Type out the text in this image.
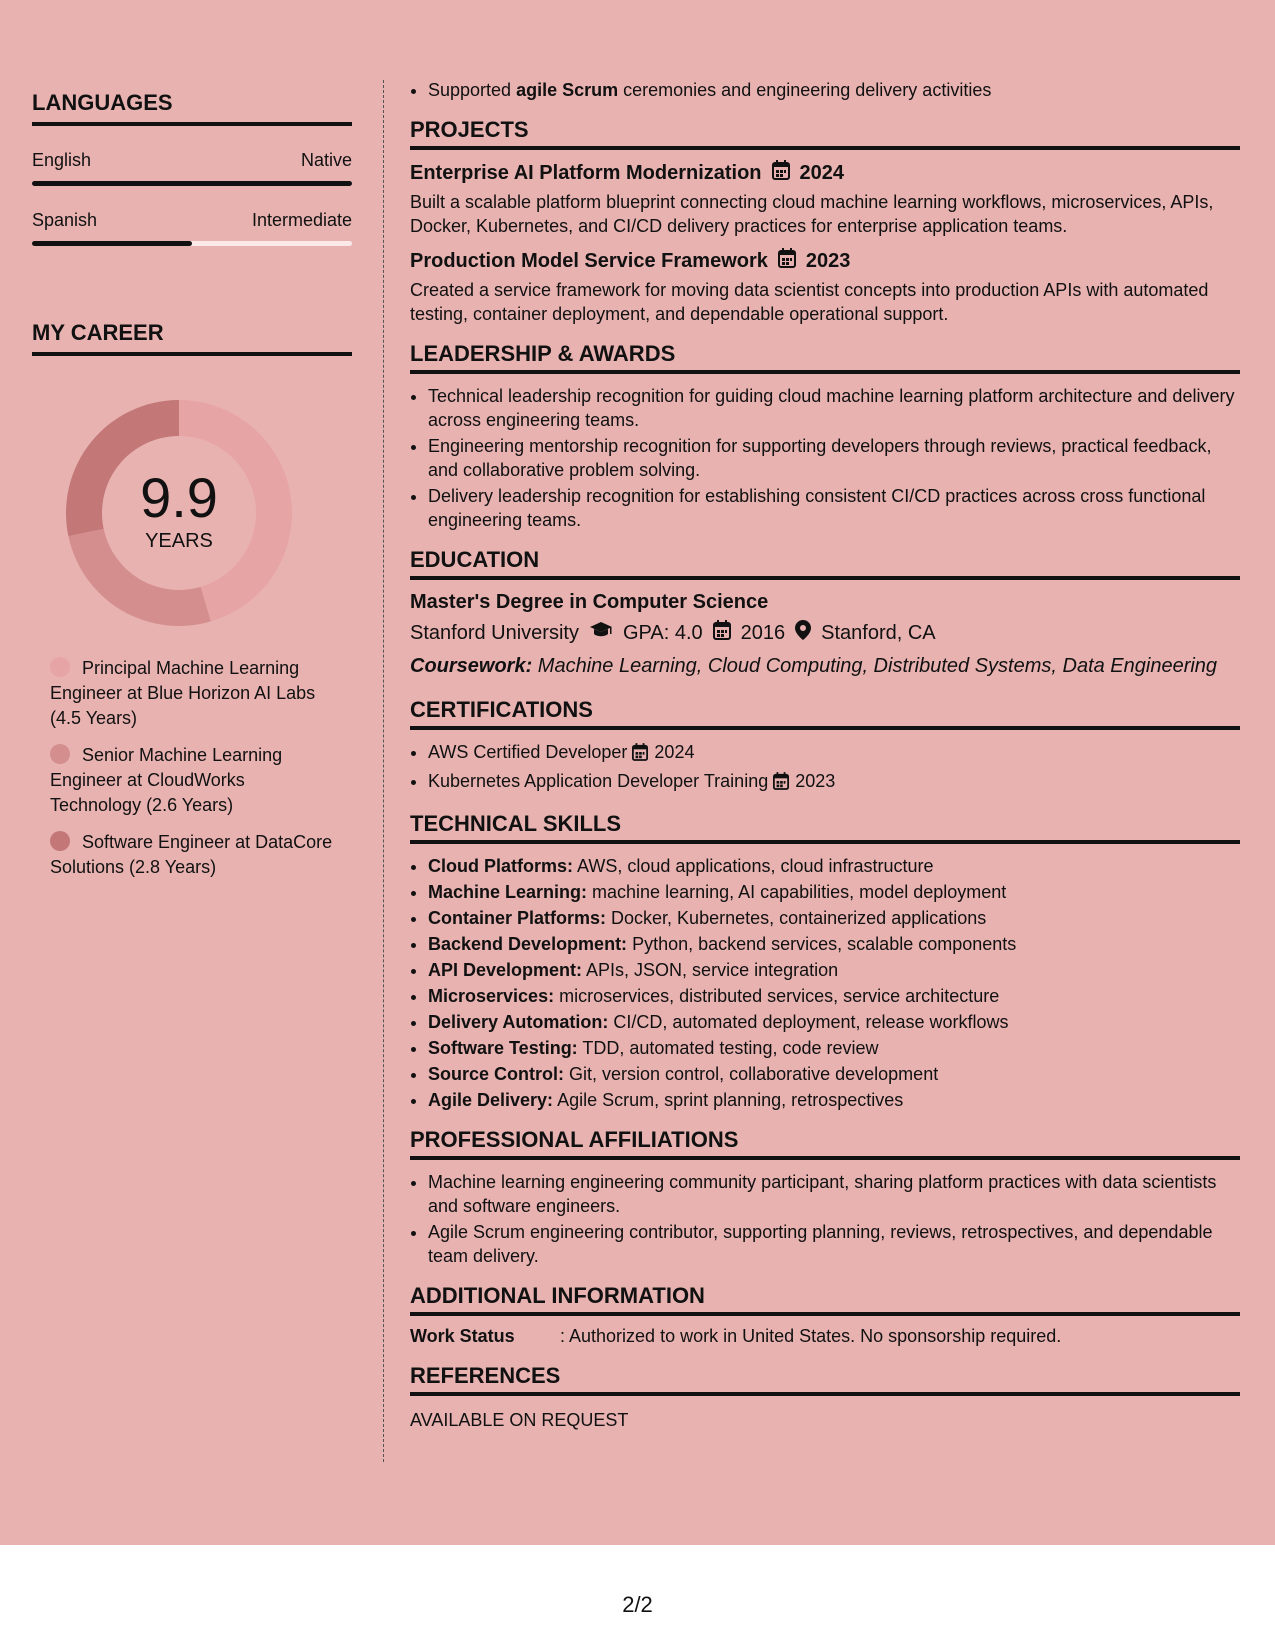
LANGUAGES
English	Native
Spanish	Intermediate
MY CAREER
9.9
YEARS
Principal Machine Learning Engineer at Blue Horizon AI Labs (4.5 Years)
Senior Machine Learning Engineer at CloudWorks Technology (2.6 Years)
Software Engineer at DataCore Solutions (2.8 Years)
• Supported agile Scrum ceremonies and engineering delivery activities
PROJECTS
Enterprise AI Platform Modernization 2024
Built a scalable platform blueprint connecting cloud machine learning workflows, microservices, APIs, Docker, Kubernetes, and CI/CD delivery practices for enterprise application teams.
Production Model Service Framework 2023
Created a service framework for moving data scientist concepts into production APIs with automated testing, container deployment, and dependable operational support.
LEADERSHIP & AWARDS
• Technical leadership recognition for guiding cloud machine learning platform architecture and delivery across engineering teams.
• Engineering mentorship recognition for supporting developers through reviews, practical feedback, and collaborative problem solving.
• Delivery leadership recognition for establishing consistent CI/CD practices across cross functional engineering teams.
EDUCATION
Master's Degree in Computer Science
Stanford University GPA: 4.0 2016 Stanford, CA
Coursework: Machine Learning, Cloud Computing, Distributed Systems, Data Engineering
CERTIFICATIONS
• AWS Certified Developer 2024
• Kubernetes Application Developer Training 2023
TECHNICAL SKILLS
• Cloud Platforms: AWS, cloud applications, cloud infrastructure
• Machine Learning: machine learning, AI capabilities, model deployment
• Container Platforms: Docker, Kubernetes, containerized applications
• Backend Development: Python, backend services, scalable components
• API Development: APIs, JSON, service integration
• Microservices: microservices, distributed services, service architecture
• Delivery Automation: CI/CD, automated deployment, release workflows
• Software Testing: TDD, automated testing, code review
• Source Control: Git, version control, collaborative development
• Agile Delivery: Agile Scrum, sprint planning, retrospectives
PROFESSIONAL AFFILIATIONS
• Machine learning engineering community participant, sharing platform practices with data scientists and software engineers.
• Agile Scrum engineering contributor, supporting planning, reviews, retrospectives, and dependable team delivery.
ADDITIONAL INFORMATION
Work Status	: Authorized to work in United States. No sponsorship required.
REFERENCES
AVAILABLE ON REQUEST
2/2
